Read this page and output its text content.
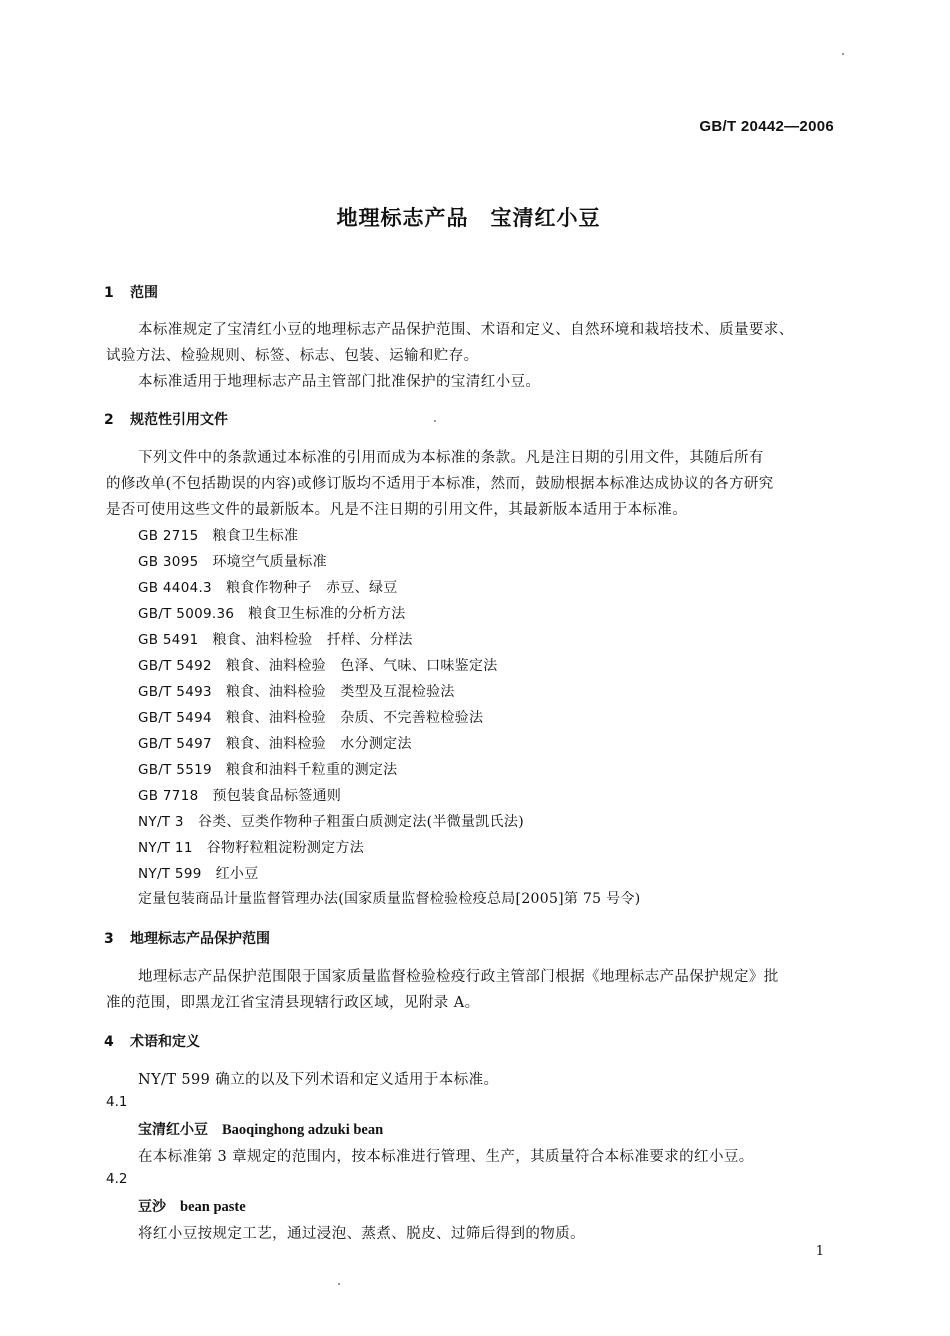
GB/T 20442—2006
地理标志产品　宝清红小豆
1 范围
本标准规定了宝清红小豆的地理标志产品保护范围、术语和定义、自然环境和栽培技术、质量要求、
试验方法、检验规则、标签、标志、包装、运输和贮存。
本标准适用于地理标志产品主管部门批准保护的宝清红小豆。
2 规范性引用文件
下列文件中的条款通过本标准的引用而成为本标准的条款。凡是注日期的引用文件，其随后所有
的修改单(不包括勘误的内容)或修订版均不适用于本标准，然而，鼓励根据本标准达成协议的各方研究
是否可使用这些文件的最新版本。凡是不注日期的引用文件，其最新版本适用于本标准。
GB 2715 粮食卫生标准
GB 3095 环境空气质量标准
GB 4404.3 粮食作物种子　赤豆、绿豆
GB/T 5009.36 粮食卫生标准的分析方法
GB 5491 粮食、油料检验　扦样、分样法
GB/T 5492 粮食、油料检验　色泽、气味、口味鉴定法
GB/T 5493 粮食、油料检验　类型及互混检验法
GB/T 5494 粮食、油料检验　杂质、不完善粒检验法
GB/T 5497 粮食、油料检验　水分测定法
GB/T 5519 粮食和油料千粒重的测定法
GB 7718 预包装食品标签通则
NY/T 3 谷类、豆类作物种子粗蛋白质测定法(半微量凯氏法)
NY/T 11 谷物籽粒粗淀粉测定方法
NY/T 599 红小豆
定量包装商品计量监督管理办法(国家质量监督检验检疫总局[2005]第 75 号令)
3 地理标志产品保护范围
地理标志产品保护范围限于国家质量监督检验检疫行政主管部门根据《地理标志产品保护规定》批
准的范围，即黑龙江省宝清县现辖行政区域，见附录 A。
4 术语和定义
NY/T 599 确立的以及下列术语和定义适用于本标准。
4.1
宝清红小豆 Baoqinghong adzuki bean
在本标准第 3 章规定的范围内，按本标准进行管理、生产，其质量符合本标准要求的红小豆。
4.2
豆沙 bean paste
将红小豆按规定工艺，通过浸泡、蒸煮、脱皮、过筛后得到的物质。
1
